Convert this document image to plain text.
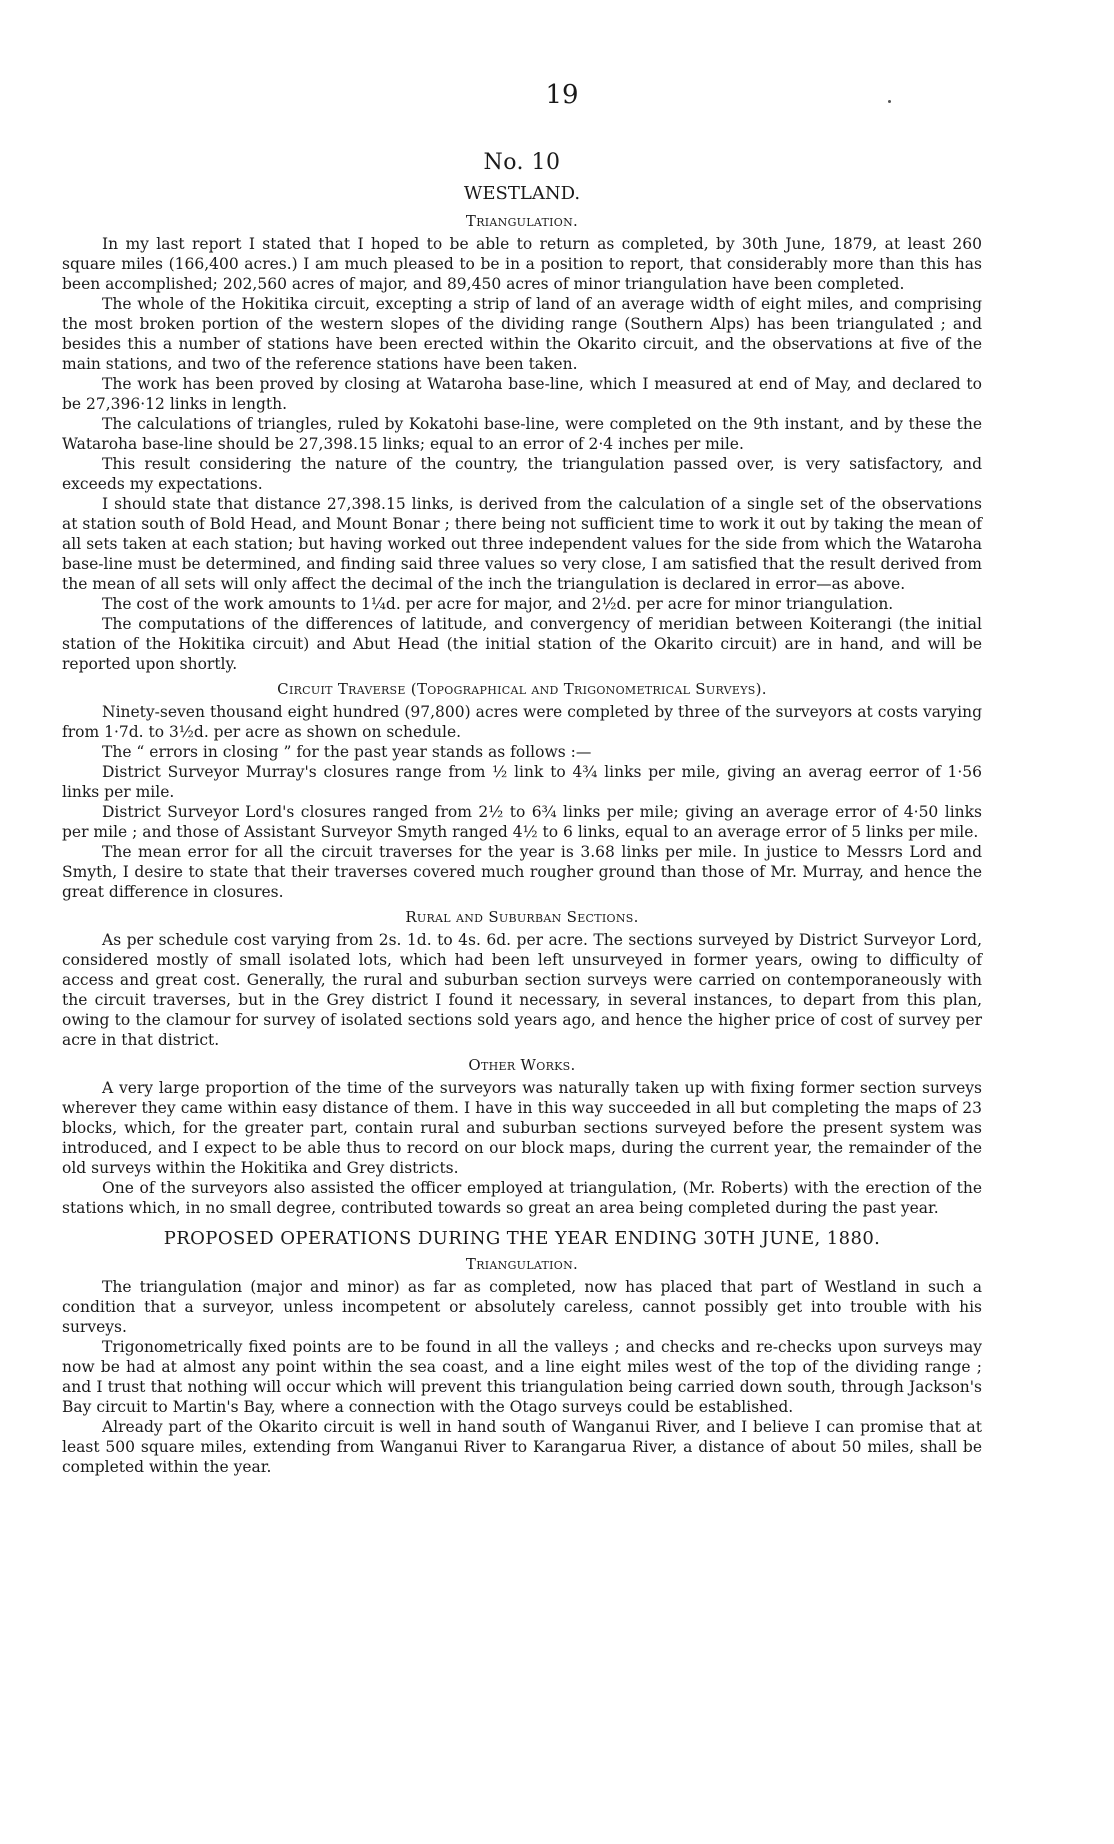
19
No. 10
WESTLAND.
Triangulation.

In my last report I stated that I hoped to be able to return as completed, by 30th June, 1879, at least 260 square miles (166,400 acres.) I am much pleased to be in a position to report, that considerably more than this has been accomplished; 202,560 acres of major, and 89,450 acres of minor triangulation have been completed.

The whole of the Hokitika circuit, excepting a strip of land of an average width of eight miles, and comprising the most broken portion of the western slopes of the dividing range (Southern Alps) has been triangulated ; and besides this a number of stations have been erected within the Okarito circuit, and the observations at five of the main stations, and two of the reference stations have been taken.

The work has been proved by closing at Wataroha base-line, which I measured at end of May, and declared to be 27,396·12 links in length.

The calculations of triangles, ruled by Kokatohi base-line, were completed on the 9th instant, and by these the Wataroha base-line should be 27,398.15 links; equal to an error of 2·4 inches per mile.

This result considering the nature of the country, the triangulation passed over, is very satisfactory, and exceeds my expectations.

I should state that distance 27,398.15 links, is derived from the calculation of a single set of the observations at station south of Bold Head, and Mount Bonar ; there being not sufficient time to work it out by taking the mean of all sets taken at each station; but having worked out three independent values for the side from which the Wataroha base-line must be determined, and finding said three values so very close, I am satisfied that the result derived from the mean of all sets will only affect the decimal of the inch the triangulation is declared in error—as above.

The cost of the work amounts to 1¼d. per acre for major, and 2½d. per acre for minor triangulation.

The computations of the differences of latitude, and convergency of meridian between Koiterangi (the initial station of the Hokitika circuit) and Abut Head (the initial station of the Okarito circuit) are in hand, and will be reported upon shortly.

Circuit Traverse (Topographical and Trigonometrical Surveys).

Ninety-seven thousand eight hundred (97,800) acres were completed by three of the surveyors at costs varying from 1·7d. to 3½d. per acre as shown on schedule.

The “ errors in closing ” for the past year stands as follows :—

District Surveyor Murray's closures range from ½ link to 4¾ links per mile, giving an averag eerror of 1·56 links per mile.

District Surveyor Lord's closures ranged from 2½ to 6¾ links per mile; giving an average error of 4·50 links per mile ; and those of Assistant Surveyor Smyth ranged 4½ to 6 links, equal to an average error of 5 links per mile.

The mean error for all the circuit traverses for the year is 3.68 links per mile. In justice to Messrs Lord and Smyth, I desire to state that their traverses covered much rougher ground than those of Mr. Murray, and hence the great difference in closures.

Rural and Suburban Sections.

As per schedule cost varying from 2s. 1d. to 4s. 6d. per acre. The sections surveyed by District Surveyor Lord, considered mostly of small isolated lots, which had been left unsurveyed in former years, owing to difficulty of access and great cost. Generally, the rural and suburban section surveys were carried on contemporaneously with the circuit traverses, but in the Grey district I found it necessary, in several instances, to depart from this plan, owing to the clamour for survey of isolated sections sold years ago, and hence the higher price of cost of survey per acre in that district.

Other Works.

A very large proportion of the time of the surveyors was naturally taken up with fixing former section surveys wherever they came within easy distance of them. I have in this way succeeded in all but completing the maps of 23 blocks, which, for the greater part, contain rural and suburban sections surveyed before the present system was introduced, and I expect to be able thus to record on our block maps, during the current year, the remainder of the old surveys within the Hokitika and Grey districts.

One of the surveyors also assisted the officer employed at triangulation, (Mr. Roberts) with the erection of the stations which, in no small degree, contributed towards so great an area being completed during the past year.

PROPOSED OPERATIONS DURING THE YEAR ENDING 30TH JUNE, 1880.
Triangulation.

The triangulation (major and minor) as far as completed, now has placed that part of Westland in such a condition that a surveyor, unless incompetent or absolutely careless, cannot possibly get into trouble with his surveys.

Trigonometrically fixed points are to be found in all the valleys ; and checks and re-checks upon surveys may now be had at almost any point within the sea coast, and a line eight miles west of the top of the dividing range ; and I trust that nothing will occur which will prevent this triangulation being carried down south, through Jackson's Bay circuit to Martin's Bay, where a connection with the Otago surveys could be established.

Already part of the Okarito circuit is well in hand south of Wanganui River, and I believe I can promise that at least 500 square miles, extending from Wanganui River to Karangarua River, a distance of about 50 miles, shall be completed within the year.
